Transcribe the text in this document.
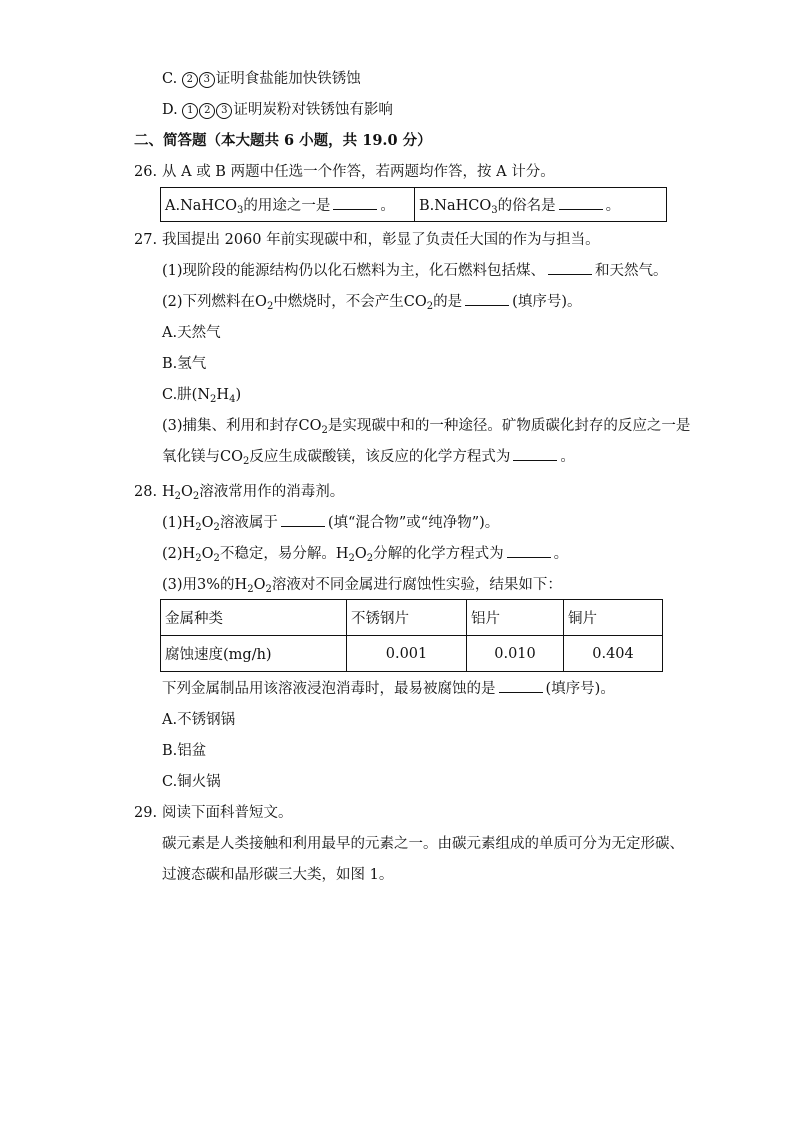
C. 2 3 证明食盐能加快铁锈蚀
D. 1 2 3 证明炭粉对铁锈蚀有影响
二、简答题（本大题共 6 小题，共 19.0 分）
26. 从 A 或 B 两题中任选一个作答，若两题均作答，按 A 计分。
A.NaHCO$_3$的用途之一是	。	B.NaHCO$_3$的俗名是	。
27. 我国提出 2060 年前实现碳中和，彰显了负责任大国的作为与担当。
(1)现阶段的能源结构仍以化石燃料为主，化石燃料包括煤、	和天然气。
(2)下列燃料在$O_2$中燃烧时，不会产生$CO_2$的是	(填序号)。
A.天然气
B.氢气
C.肼$(N_2H_4)$
(3)捕集、利用和封存$CO_2$是实现碳中和的一种途径。矿物质碳化封存的反应之一是
氧化镁与$CO_2$反应生成碳酸镁，该反应的化学方程式为	。
28. $H_2O_2$溶液常用作的消毒剂。
$(1)H_2O_2$溶液属于	(填“混合物”或“纯净物”)。
$(2)H_2O_2$不稳定，易分解。$H_2O_2$分解的化学方程式为	。
(3)用3%的$H_2O_2$溶液对不同金属进行腐蚀性实验，结果如下：
金属种类	不锈钢片	铝片	铜片
腐蚀速度(mg/h)	0.001	0.010	0.404
下列金属制品用该溶液浸泡消毒时，最易被腐蚀的是	(填序号)。
A.不锈钢锅
B.铝盆
C.铜火锅
29. 阅读下面科普短文。
碳元素是人类接触和利用最早的元素之一。由碳元素组成的单质可分为无定形碳、
过渡态碳和晶形碳三大类，如图 1。
